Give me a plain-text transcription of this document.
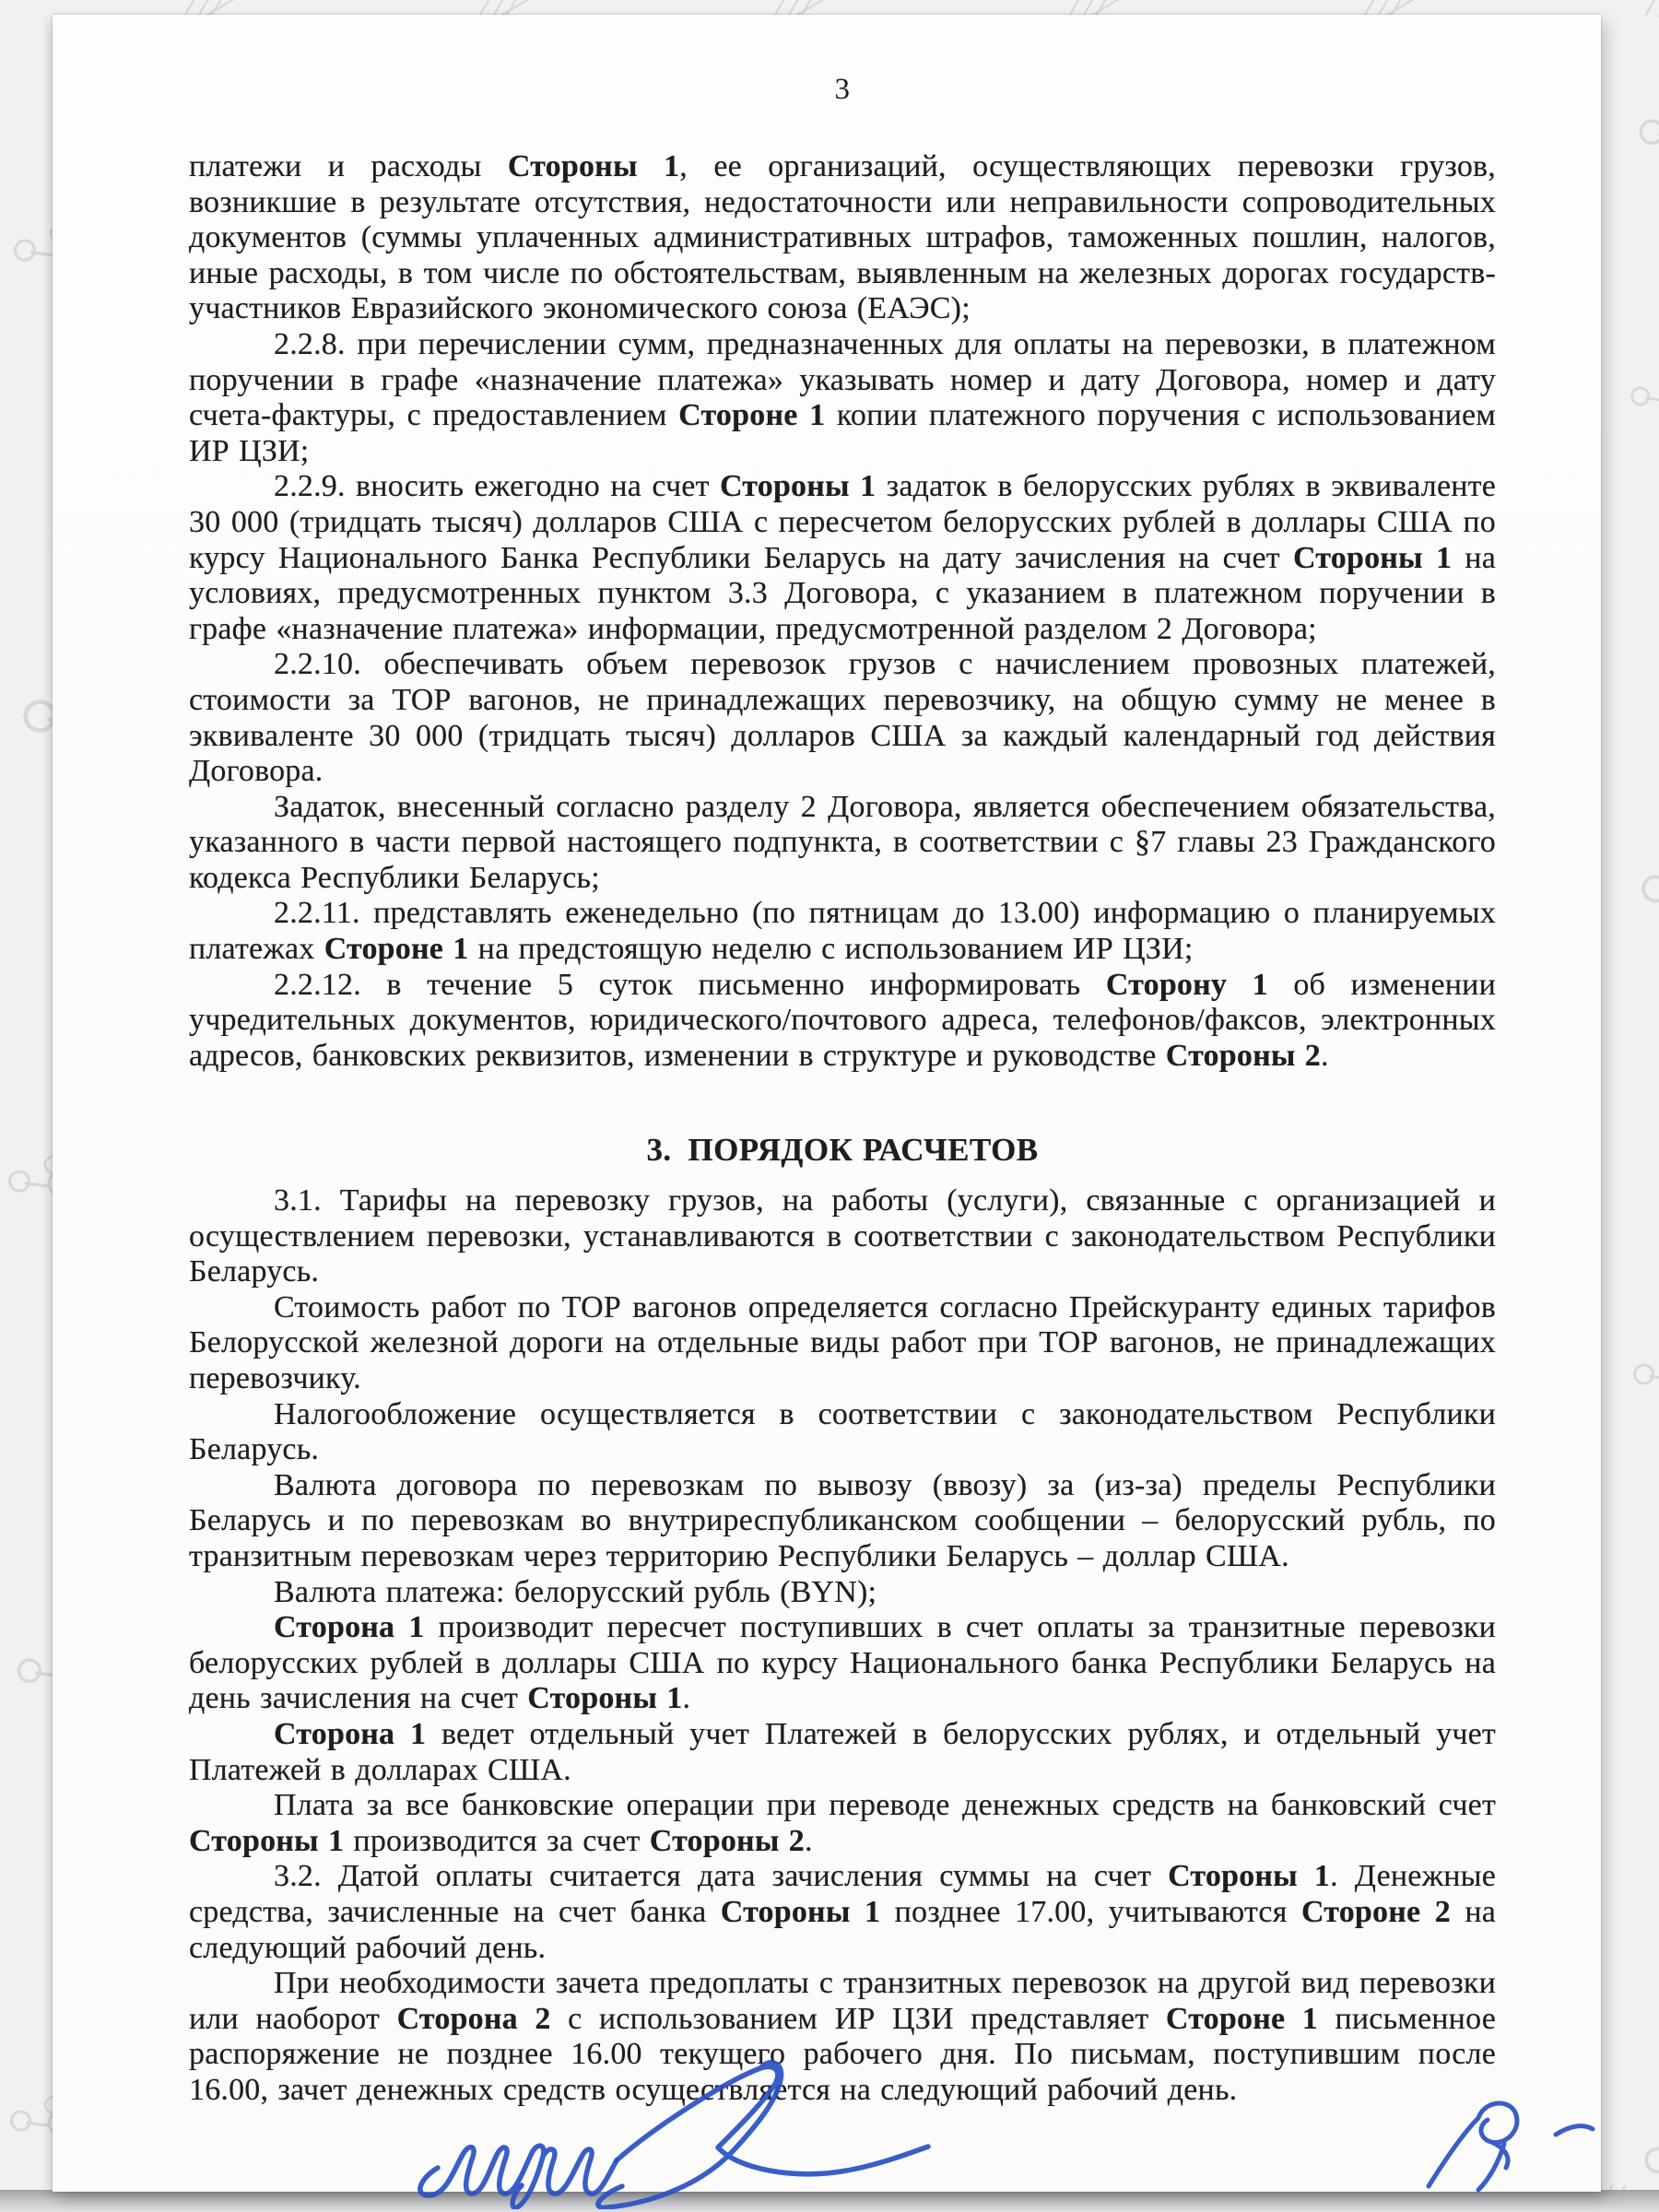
3

платежи и расходы Стороны 1, ее организаций, осуществляющих перевозки грузов, возникшие в результате отсутствия, недостаточности или неправильности сопроводительных документов (суммы уплаченных административных штрафов, таможенных пошлин, налогов, иные расходы, в том числе по обстоятельствам, выявленным на железных дорогах государств-участников Евразийского экономического союза (ЕАЭС);

2.2.8. при перечислении сумм, предназначенных для оплаты на перевозки, в платежном поручении в графе «назначение платежа» указывать номер и дату Договора, номер и дату счета-фактуры, с предоставлением Стороне 1 копии платежного поручения с использованием ИР ЦЗИ;

2.2.9. вносить ежегодно на счет Стороны 1 задаток в белорусских рублях в эквиваленте 30 000 (тридцать тысяч) долларов США с пересчетом белорусских рублей в доллары США по курсу Национального Банка Республики Беларусь на дату зачисления на счет Стороны 1 на условиях, предусмотренных пунктом 3.3 Договора, с указанием в платежном поручении в графе «назначение платежа» информации, предусмотренной разделом 2 Договора;

2.2.10. обеспечивать объем перевозок грузов с начислением провозных платежей, стоимости за ТОР вагонов, не принадлежащих перевозчику, на общую сумму не менее в эквиваленте 30 000 (тридцать тысяч) долларов США за каждый календарный год действия Договора.

Задаток, внесенный согласно разделу 2 Договора, является обеспечением обязательства, указанного в части первой настоящего подпункта, в соответствии с §7 главы 23 Гражданского кодекса Республики Беларусь;

2.2.11. представлять еженедельно (по пятницам до 13.00) информацию о планируемых платежах Стороне 1 на предстоящую неделю с использованием ИР ЦЗИ;

2.2.12. в течение 5 суток письменно информировать Сторону 1 об изменении учредительных документов, юридического/почтового адреса, телефонов/факсов, электронных адресов, банковских реквизитов, изменении в структуре и руководстве Стороны 2.

3. ПОРЯДОК РАСЧЕТОВ

3.1. Тарифы на перевозку грузов, на работы (услуги), связанные с организацией и осуществлением перевозки, устанавливаются в соответствии с законодательством Республики Беларусь.

Стоимость работ по ТОР вагонов определяется согласно Прейскуранту единых тарифов Белорусской железной дороги на отдельные виды работ при ТОР вагонов, не принадлежащих перевозчику.

Налогообложение осуществляется в соответствии с законодательством Республики Беларусь.

Валюта договора по перевозкам по вывозу (ввозу) за (из-за) пределы Республики Беларусь и по перевозкам во внутриреспубликанском сообщении – белорусский рубль, по транзитным перевозкам через территорию Республики Беларусь – доллар США.

Валюта платежа: белорусский рубль (BYN);

Сторона 1 производит пересчет поступивших в счет оплаты за транзитные перевозки белорусских рублей в доллары США по курсу Национального банка Республики Беларусь на день зачисления на счет Стороны 1.

Сторона 1 ведет отдельный учет Платежей в белорусских рублях, и отдельный учет Платежей в долларах США.

Плата за все банковские операции при переводе денежных средств на банковский счет Стороны 1 производится за счет Стороны 2.

3.2. Датой оплаты считается дата зачисления суммы на счет Стороны 1. Денежные средства, зачисленные на счет банка Стороны 1 позднее 17.00, учитываются Стороне 2 на следующий рабочий день.

При необходимости зачета предоплаты с транзитных перевозок на другой вид перевозки или наоборот Сторона 2 с использованием ИР ЦЗИ представляет Стороне 1 письменное распоряжение не позднее 16.00 текущего рабочего дня. По письмам, поступившим после 16.00, зачет денежных средств осуществляется на следующий рабочий день.
